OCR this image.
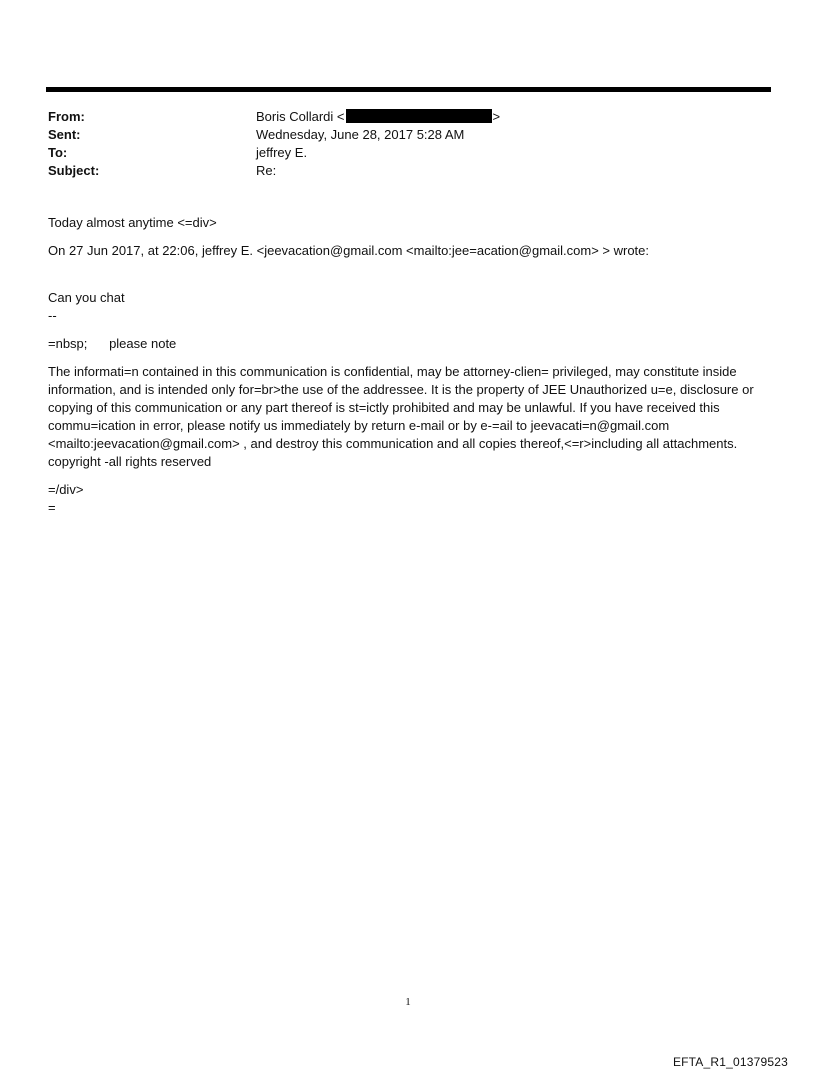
From:	Boris Collardi <	>
Sent:	Wednesday, June 28, 2017 5:28 AM
To:	jeffrey E.
Subject:	Re:

Today almost anytime <=div>

On 27 Jun 2017, at 22:06, jeffrey E. <jeevacation@gmail.com <mailto:jee=acation@gmail.com> > wrote:

Can you chat

--

=nbsp;      please note

The informati=n contained in this communication is confidential, may be attorney-clien= privileged, may constitute inside information, and is intended only for=br>the use of the addressee. It is the property of JEE Unauthorized u=e, disclosure or copying of this communication or any part thereof is st=ictly prohibited and may be unlawful. If you have received this commu=ication in error, please notify us immediately by return e-mail or by e-=ail to jeevacati=n@gmail.com <mailto:jeevacation@gmail.com> , and destroy this communication and all copies thereof,<=r>including all attachments. copyright -all rights reserved

=/div>

=

1
EFTA_R1_01379523
